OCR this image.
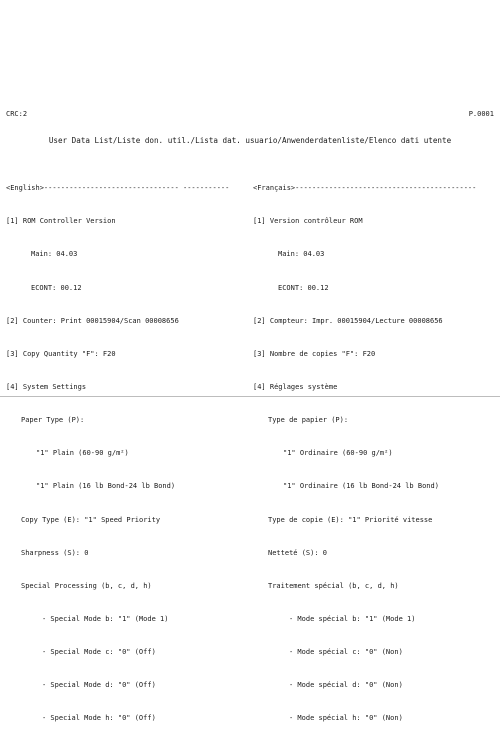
CRC:2	P.0001
User Data List/Liste don. util./Lista dat. usuario/Anwenderdatenliste/Elenco dati utente

<English>-------------------------------- -----------

[1] ROM Controller Version

Main: 04.03

ECONT: 00.12

[2] Counter: Print 00015904/Scan 00008656

[3] Copy Quantity "F": F20

[4] System Settings

Paper Type (P):

"1" Plain (60-90 g/m²)

"1" Plain (16 lb Bond-24 lb Bond)

Copy Type (E): "1" Speed Priority

Sharpness (S): 0

Special Processing (b, c, d, h)

- Special Mode b: "1" (Mode 1)

- Special Mode c: "0" (Off)

- Special Mode d: "0" (Off)

- Special Mode h: "0" (Off)

<Français>-------------------------------------------

[1] Version contrôleur ROM

Main: 04.03

ECONT: 00.12

[2] Compteur: Impr. 00015904/Lecture 00008656

[3] Nombre de copies "F": F20

[4] Réglages système

Type de papier (P):

"1" Ordinaire (60-90 g/m²)

"1" Ordinaire (16 lb Bond-24 lb Bond)

Type de copie (E): "1" Priorité vitesse

Netteté (S): 0

Traitement spécial (b, c, d, h)

- Mode spécial b: "1" (Mode 1)

- Mode spécial c: "0" (Non)

- Mode spécial d: "0" (Non)

- Mode spécial h: "0" (Non)
